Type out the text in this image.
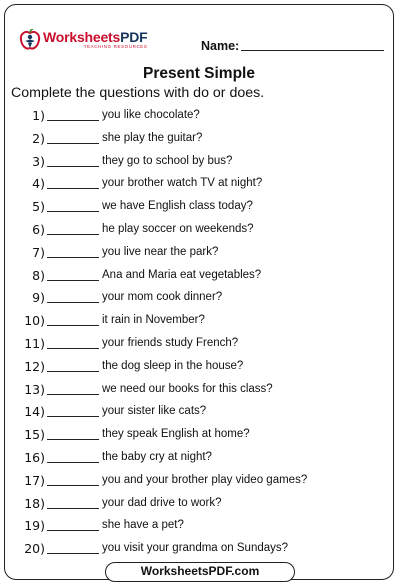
WorksheetsPDF
TEACHING RESOURCES	Name:
Present Simple
Complete the questions with do or does.
1)	you like chocolate?
2)	she play the guitar?
3)	they go to school by bus?
4)	your brother watch TV at night?
5)	we have English class today?
6)	he play soccer on weekends?
7)	you live near the park?
8)	Ana and Maria eat vegetables?
9)	your mom cook dinner?
10)	it rain in November?
11)	your friends study French?
12)	the dog sleep in the house?
13)	we need our books for this class?
14)	your sister like cats?
15)	they speak English at home?
16)	the baby cry at night?
17)	you and your brother play video games?
18)	your dad drive to work?
19)	she have a pet?
20)	you visit your grandma on Sundays?
WorksheetsPDF.com
